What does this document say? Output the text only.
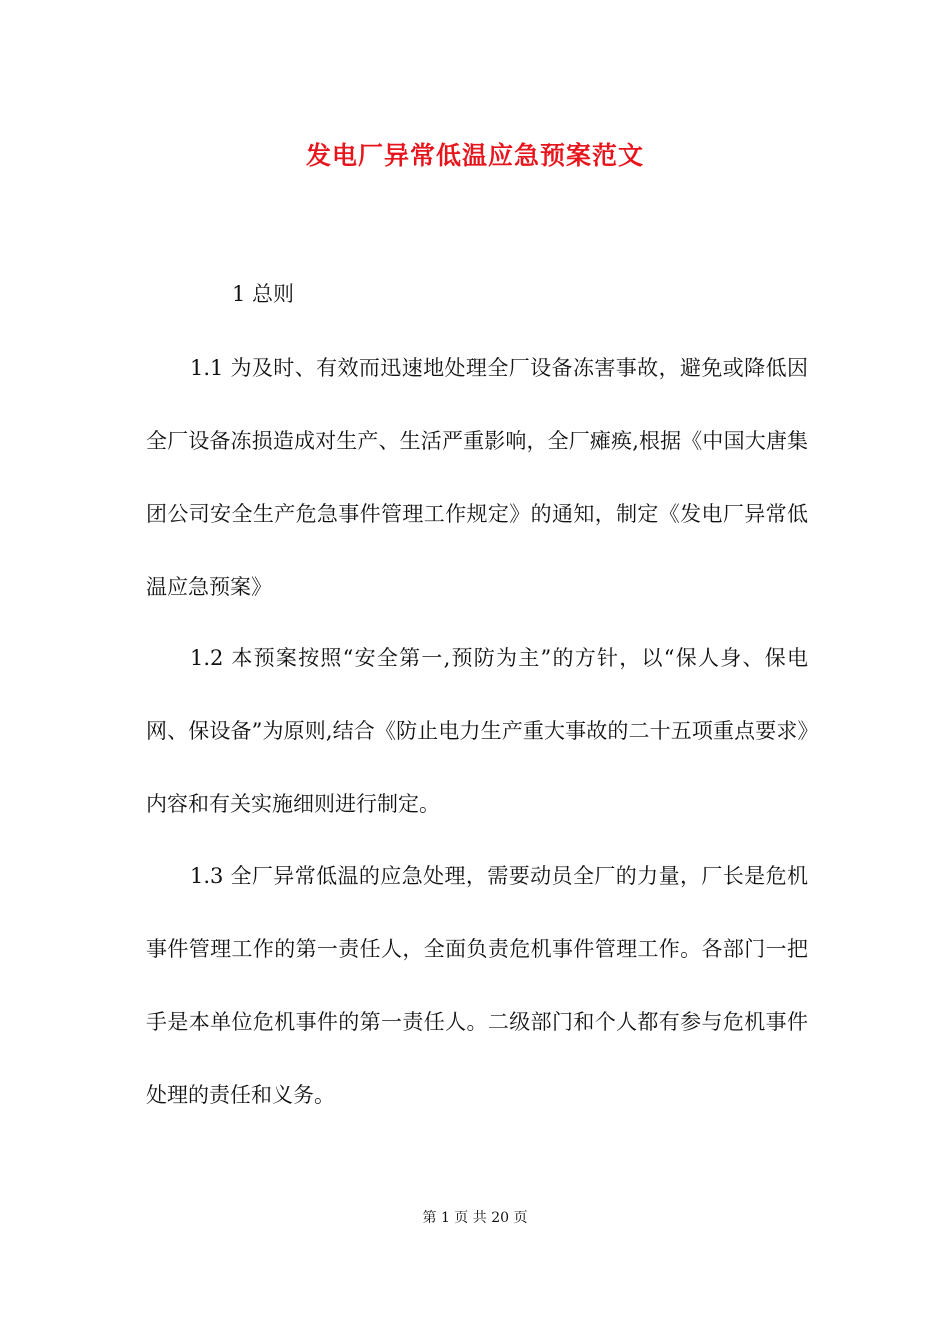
发电厂异常低温应急预案范文
1 总则
1.1 为及时、有效而迅速地处理全厂设备冻害事故，避免或降低因全厂设备冻损造成对生产、生活严重影响，全厂瘫痪,根据《中国大唐集团公司安全生产危急事件管理工作规定》的通知，制定《发电厂异常低温应急预案》
1.2 本预案按照“安全第一,预防为主”的方针，以“保人身、保电网、保设备”为原则,结合《防止电力生产重大事故的二十五项重点要求》内容和有关实施细则进行制定。
1.3 全厂异常低温的应急处理，需要动员全厂的力量，厂长是危机事件管理工作的第一责任人，全面负责危机事件管理工作。各部门一把手是本单位危机事件的第一责任人。二级部门和个人都有参与危机事件处理的责任和义务。
第 1 页 共 20 页
